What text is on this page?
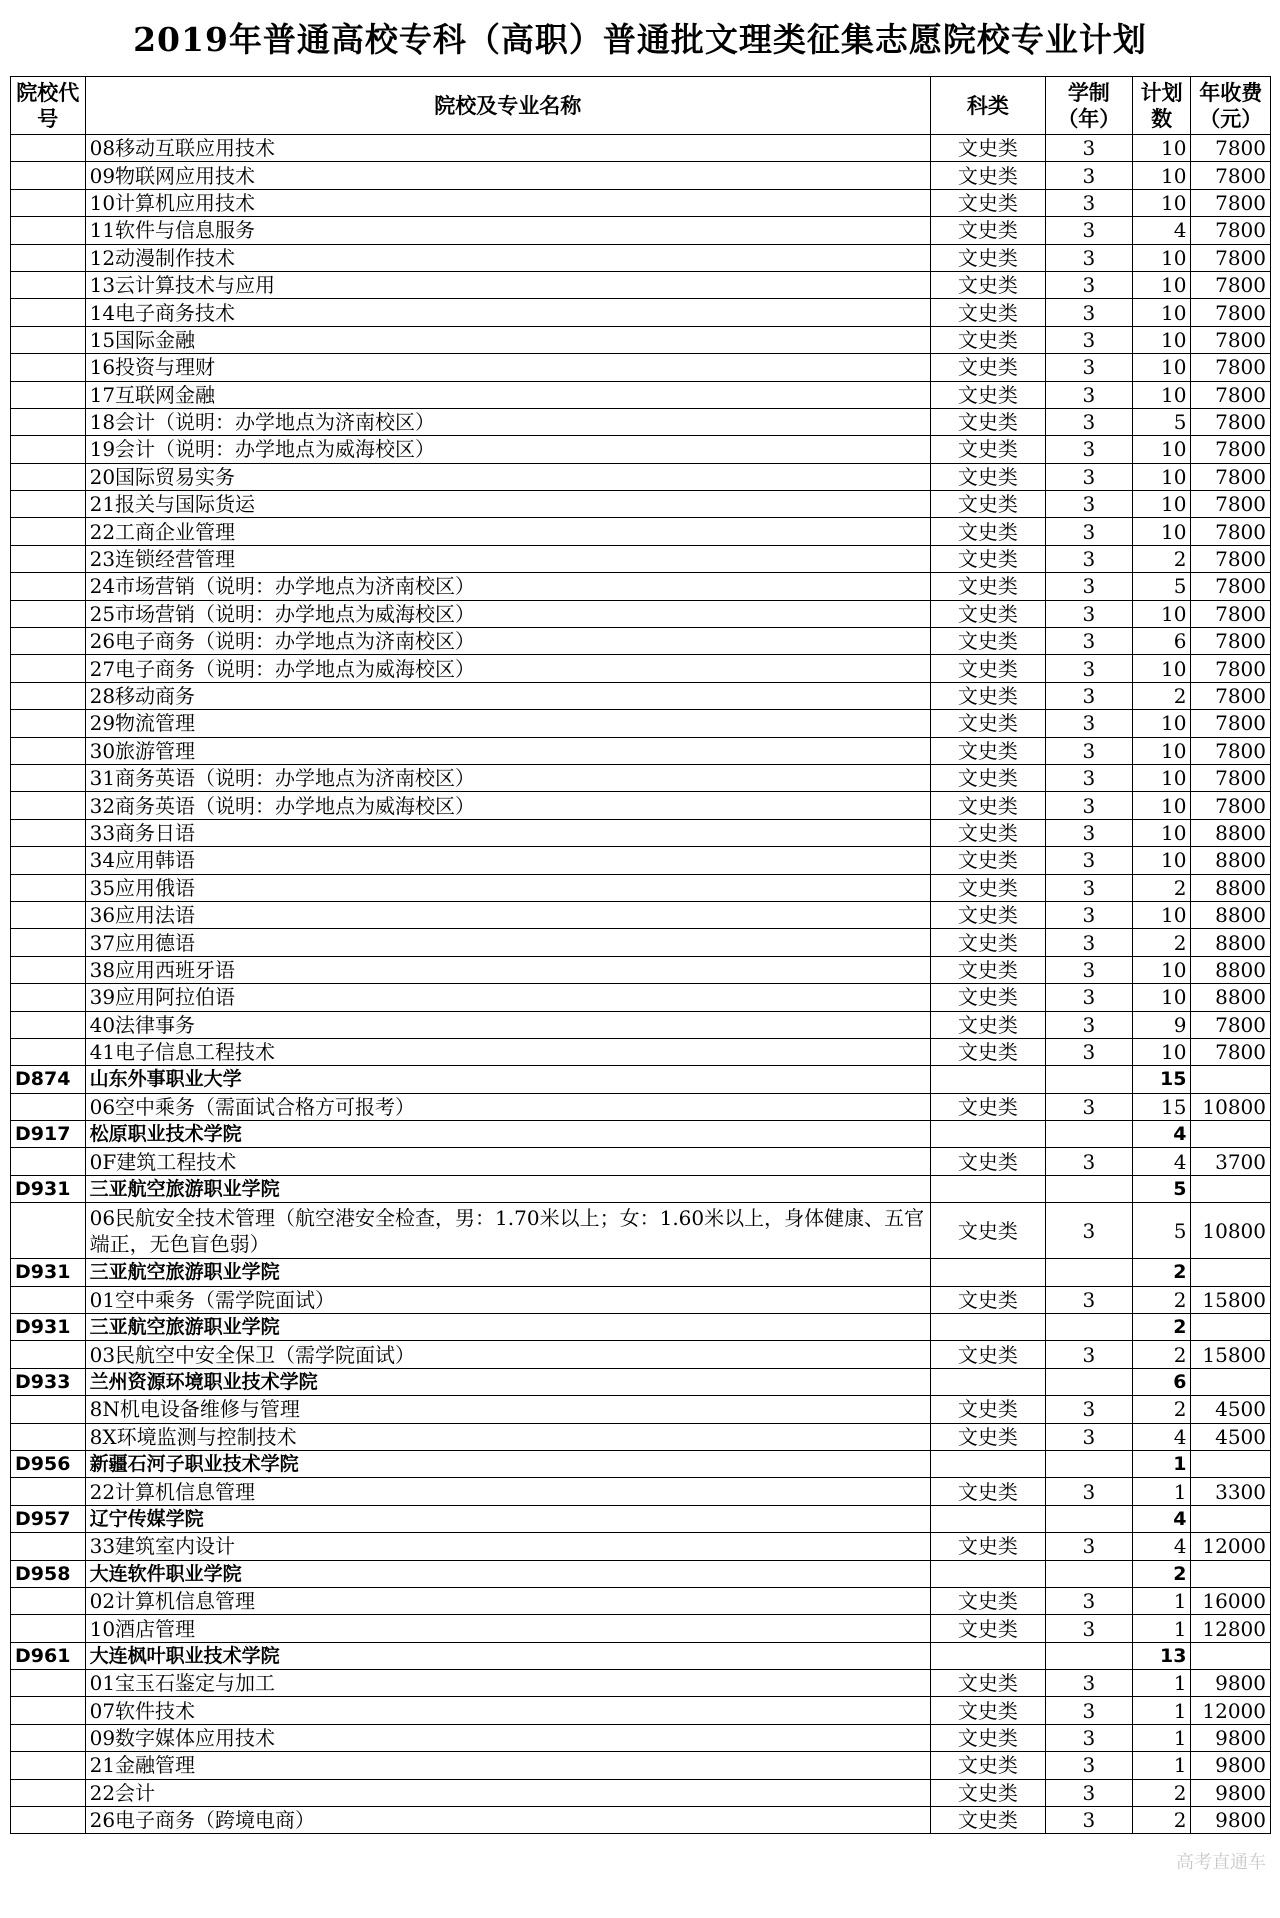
2019年普通高校专科（高职）普通批文理类征集志愿院校专业计划
院校代号	院校及专业名称	科类	学制（年）	计划数	年收费（元）
	08移动互联应用技术	文史类	3	10	7800
	09物联网应用技术	文史类	3	10	7800
	10计算机应用技术	文史类	3	10	7800
	11软件与信息服务	文史类	3	4	7800
	12动漫制作技术	文史类	3	10	7800
	13云计算技术与应用	文史类	3	10	7800
	14电子商务技术	文史类	3	10	7800
	15国际金融	文史类	3	10	7800
	16投资与理财	文史类	3	10	7800
	17互联网金融	文史类	3	10	7800
	18会计（说明：办学地点为济南校区）	文史类	3	5	7800
	19会计（说明：办学地点为威海校区）	文史类	3	10	7800
	20国际贸易实务	文史类	3	10	7800
	21报关与国际货运	文史类	3	10	7800
	22工商企业管理	文史类	3	10	7800
	23连锁经营管理	文史类	3	2	7800
	24市场营销（说明：办学地点为济南校区）	文史类	3	5	7800
	25市场营销（说明：办学地点为威海校区）	文史类	3	10	7800
	26电子商务（说明：办学地点为济南校区）	文史类	3	6	7800
	27电子商务（说明：办学地点为威海校区）	文史类	3	10	7800
	28移动商务	文史类	3	2	7800
	29物流管理	文史类	3	10	7800
	30旅游管理	文史类	3	10	7800
	31商务英语（说明：办学地点为济南校区）	文史类	3	10	7800
	32商务英语（说明：办学地点为威海校区）	文史类	3	10	7800
	33商务日语	文史类	3	10	8800
	34应用韩语	文史类	3	10	8800
	35应用俄语	文史类	3	2	8800
	36应用法语	文史类	3	10	8800
	37应用德语	文史类	3	2	8800
	38应用西班牙语	文史类	3	10	8800
	39应用阿拉伯语	文史类	3	10	8800
	40法律事务	文史类	3	9	7800
	41电子信息工程技术	文史类	3	10	7800
D874	山东外事职业大学			15	
	06空中乘务（需面试合格方可报考）	文史类	3	15	10800
D917	松原职业技术学院			4	
	0F建筑工程技术	文史类	3	4	3700
D931	三亚航空旅游职业学院			5	
	06民航安全技术管理（航空港安全检查，男：1.70米以上；女：1.60米以上，身体健康、五官端正，无色盲色弱）	文史类	3	5	10800
D931	三亚航空旅游职业学院			2	
	01空中乘务（需学院面试）	文史类	3	2	15800
D931	三亚航空旅游职业学院			2	
	03民航空中安全保卫（需学院面试）	文史类	3	2	15800
D933	兰州资源环境职业技术学院			6	
	8N机电设备维修与管理	文史类	3	2	4500
	8X环境监测与控制技术	文史类	3	4	4500
D956	新疆石河子职业技术学院			1	
	22计算机信息管理	文史类	3	1	3300
D957	辽宁传媒学院			4	
	33建筑室内设计	文史类	3	4	12000
D958	大连软件职业学院			2	
	02计算机信息管理	文史类	3	1	16000
	10酒店管理	文史类	3	1	12800
D961	大连枫叶职业技术学院			13	
	01宝玉石鉴定与加工	文史类	3	1	9800
	07软件技术	文史类	3	1	12000
	09数字媒体应用技术	文史类	3	1	9800
	21金融管理	文史类	3	1	9800
	22会计	文史类	3	2	9800
	26电子商务（跨境电商）	文史类	3	2	9800
高考直通车
